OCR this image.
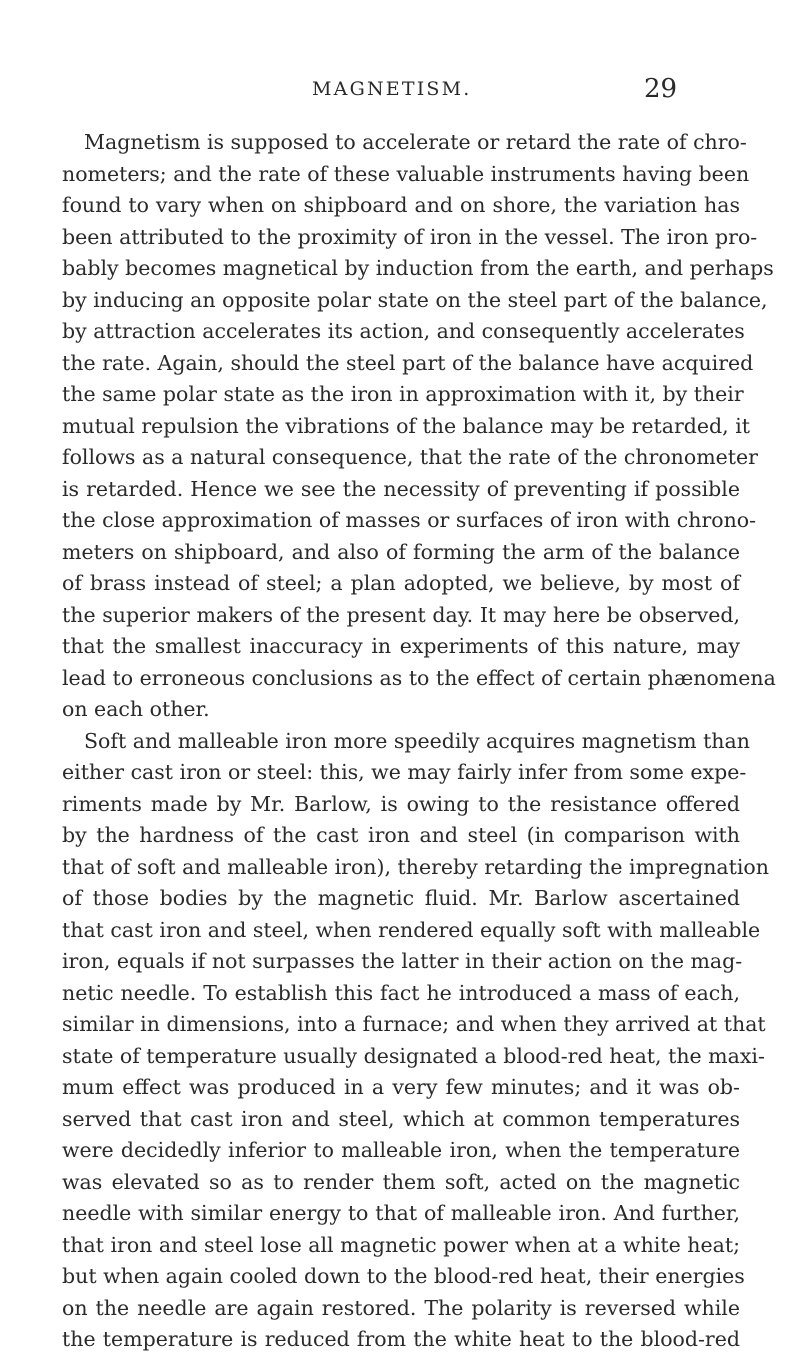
MAGNETISM.	29
Magnetism is supposed to accelerate or retard the rate of chro-
nometers; and the rate of these valuable instruments having been
found to vary when on shipboard and on shore, the variation has
been attributed to the proximity of iron in the vessel. The iron pro-
bably becomes magnetical by induction from the earth, and perhaps
by inducing an opposite polar state on the steel part of the balance,
by attraction accelerates its action, and consequently accelerates
the rate. Again, should the steel part of the balance have acquired
the same polar state as the iron in approximation with it, by their
mutual repulsion the vibrations of the balance may be retarded, it
follows as a natural consequence, that the rate of the chronometer
is retarded. Hence we see the necessity of preventing if possible
the close approximation of masses or surfaces of iron with chrono-
meters on shipboard, and also of forming the arm of the balance
of brass instead of steel; a plan adopted, we believe, by most of
the superior makers of the present day. It may here be observed,
that the smallest inaccuracy in experiments of this nature, may
lead to erroneous conclusions as to the effect of certain phænomena
on each other.
Soft and malleable iron more speedily acquires magnetism than
either cast iron or steel: this, we may fairly infer from some expe-
riments made by Mr. Barlow, is owing to the resistance offered
by the hardness of the cast iron and steel (in comparison with
that of soft and malleable iron), thereby retarding the impregnation
of those bodies by the magnetic fluid. Mr. Barlow ascertained
that cast iron and steel, when rendered equally soft with malleable
iron, equals if not surpasses the latter in their action on the mag-
netic needle. To establish this fact he introduced a mass of each,
similar in dimensions, into a furnace; and when they arrived at that
state of temperature usually designated a blood-red heat, the maxi-
mum effect was produced in a very few minutes; and it was ob-
served that cast iron and steel, which at common temperatures
were decidedly inferior to malleable iron, when the temperature
was elevated so as to render them soft, acted on the magnetic
needle with similar energy to that of malleable iron. And further,
that iron and steel lose all magnetic power when at a white heat;
but when again cooled down to the blood-red heat, their energies
on the needle are again restored. The polarity is reversed while
the temperature is reduced from the white heat to the blood-red
